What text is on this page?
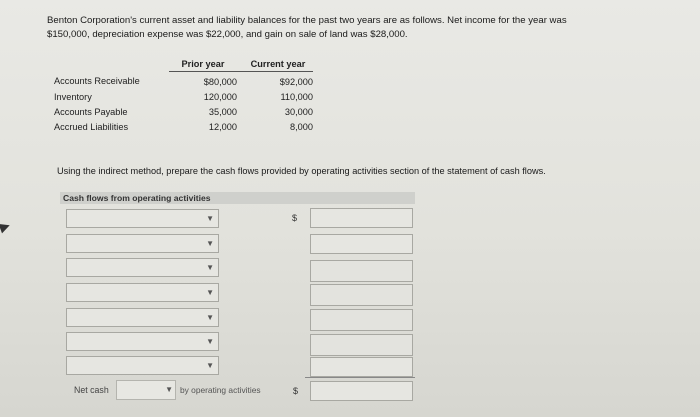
Benton Corporation's current asset and liability balances for the past two years are as follows. Net income for the year was
$150,000, depreciation expense was $22,000, and gain on sale of land was $28,000.
	Prior year	Current year
Accounts Receivable	$80,000	$92,000
Inventory	120,000	110,000
Accounts Payable	35,000	30,000
Accrued Liabilities	12,000	8,000
Using the indirect method, prepare the cash flows provided by operating activities section of the statement of cash flows.
Cash flows from operating activities
▼	$
▼
▼
▼
▼
▼
▼
Net cash	▼ by operating activities	$
